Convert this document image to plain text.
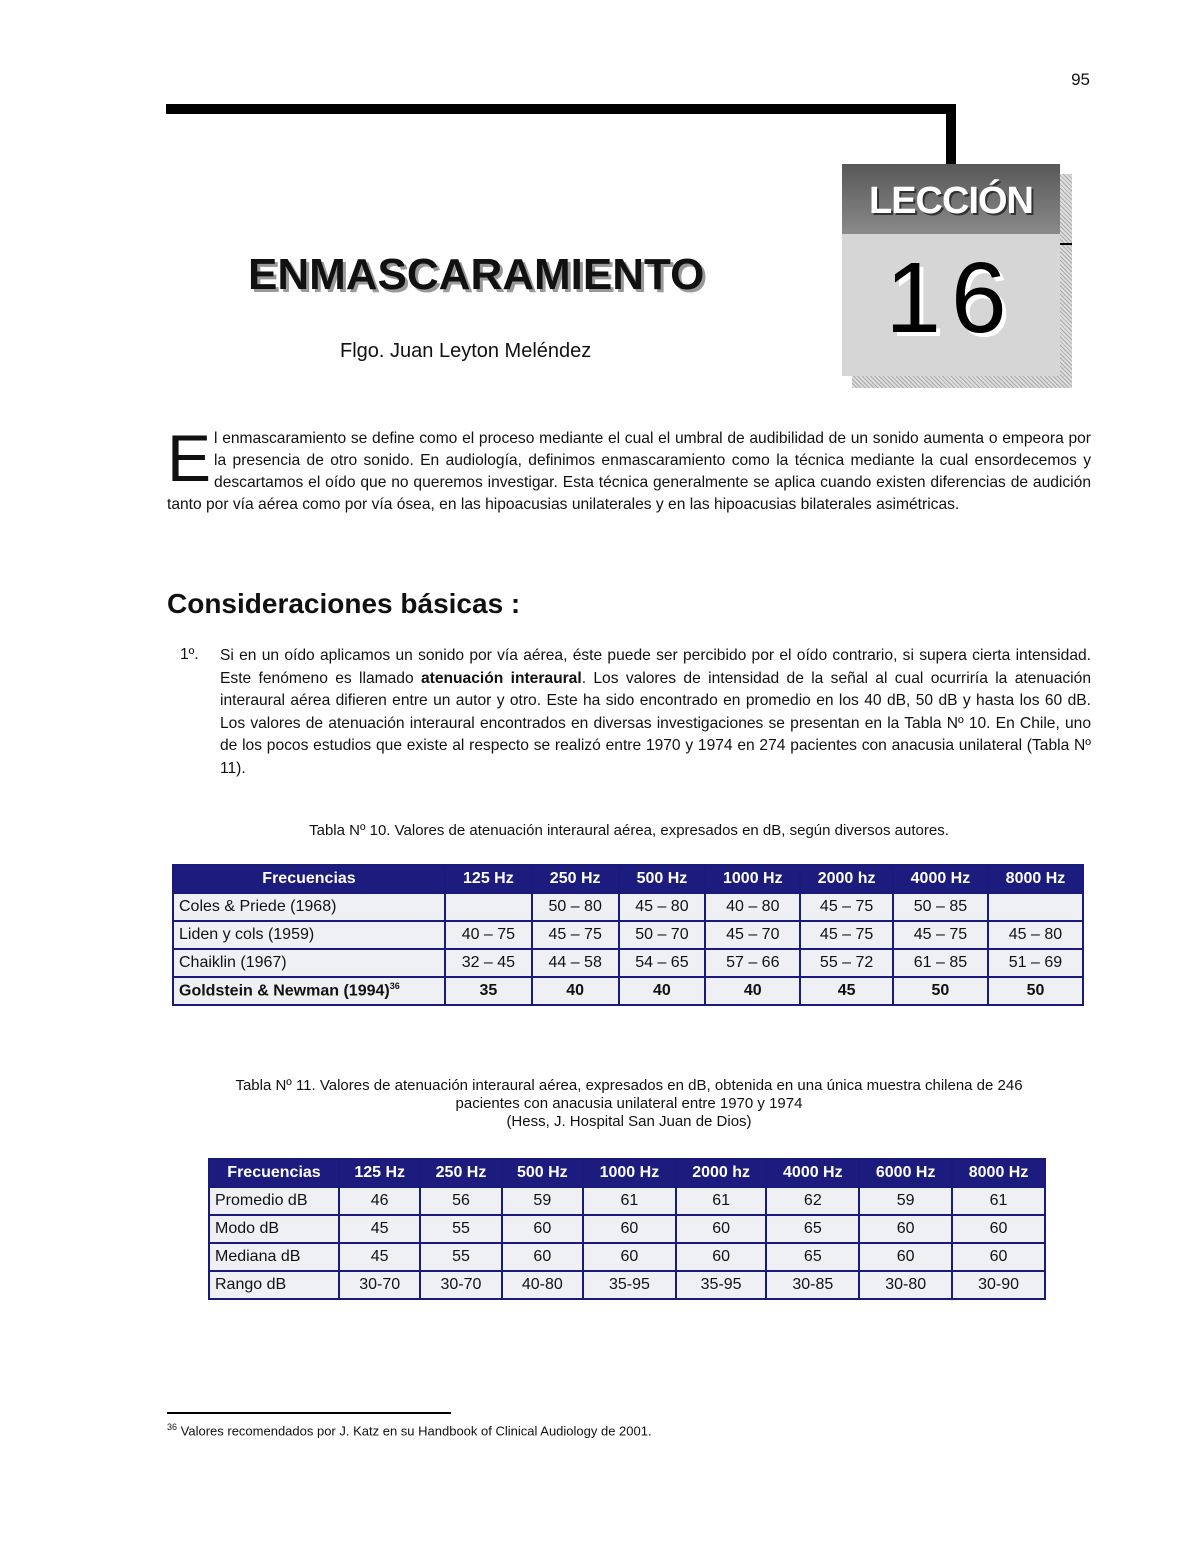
95
LECCIÓN
16
ENMASCARAMIENTO
Flgo. Juan Leyton Meléndez
El enmascaramiento se define como el proceso mediante el cual el umbral de audibilidad de un sonido aumenta o empeora por la presencia de otro sonido. En audiología, definimos enmascaramiento como la técnica mediante la cual ensordecemos y descartamos el oído que no queremos investigar. Esta técnica generalmente se aplica cuando existen diferencias de audición tanto por vía aérea como por vía ósea, en las hipoacusias unilaterales y en las hipoacusias bilaterales asimétricas.
Consideraciones básicas :
1º. Si en un oído aplicamos un sonido por vía aérea, éste puede ser percibido por el oído contrario, si supera cierta intensidad. Este fenómeno es llamado atenuación interaural. Los valores de intensidad de la señal al cual ocurriría la atenuación interaural aérea difieren entre un autor y otro. Este ha sido encontrado en promedio en los 40 dB, 50 dB y hasta los 60 dB. Los valores de atenuación interaural encontrados en diversas investigaciones se presentan en la Tabla Nº 10. En Chile, uno de los pocos estudios que existe al respecto se realizó entre 1970 y 1974 en 274 pacientes con anacusia unilateral (Tabla Nº 11).
Tabla Nº 10. Valores de atenuación interaural aérea, expresados en dB, según diversos autores.
Frecuencias	125 Hz	250 Hz	500 Hz	1000 Hz	2000 hz	4000 Hz	8000 Hz
Coles & Priede (1968)		50 – 80	45 – 80	40 – 80	45 – 75	50 – 85	
Liden y cols (1959)	40 – 75	45 – 75	50 – 70	45 – 70	45 – 75	45 – 75	45 – 80
Chaiklin (1967)	32 – 45	44 – 58	54 – 65	57 – 66	55 – 72	61 – 85	51 – 69
Goldstein & Newman $(1994)^{36}$	35	40	40	40	45	50	50
Tabla Nº 11. Valores de atenuación interaural aérea, expresados en dB, obtenida en una única muestra chilena de 246
pacientes con anacusia unilateral entre 1970 y 1974
(Hess, J. Hospital San Juan de Dios)
Frecuencias	125 Hz	250 Hz	500 Hz	1000 Hz	2000 hz	4000 Hz	6000 Hz	8000 Hz
Promedio dB	46	56	59	61	61	62	59	61
Modo dB	45	55	60	60	60	65	60	60
Mediana dB	45	55	60	60	60	65	60	60
Rango dB	30-70	30-70	40-80	35-95	35-95	30-85	30-80	30-90
$^{36}$ Valores recomendados por J. Katz en su Handbook of Clinical Audiology de 2001.
